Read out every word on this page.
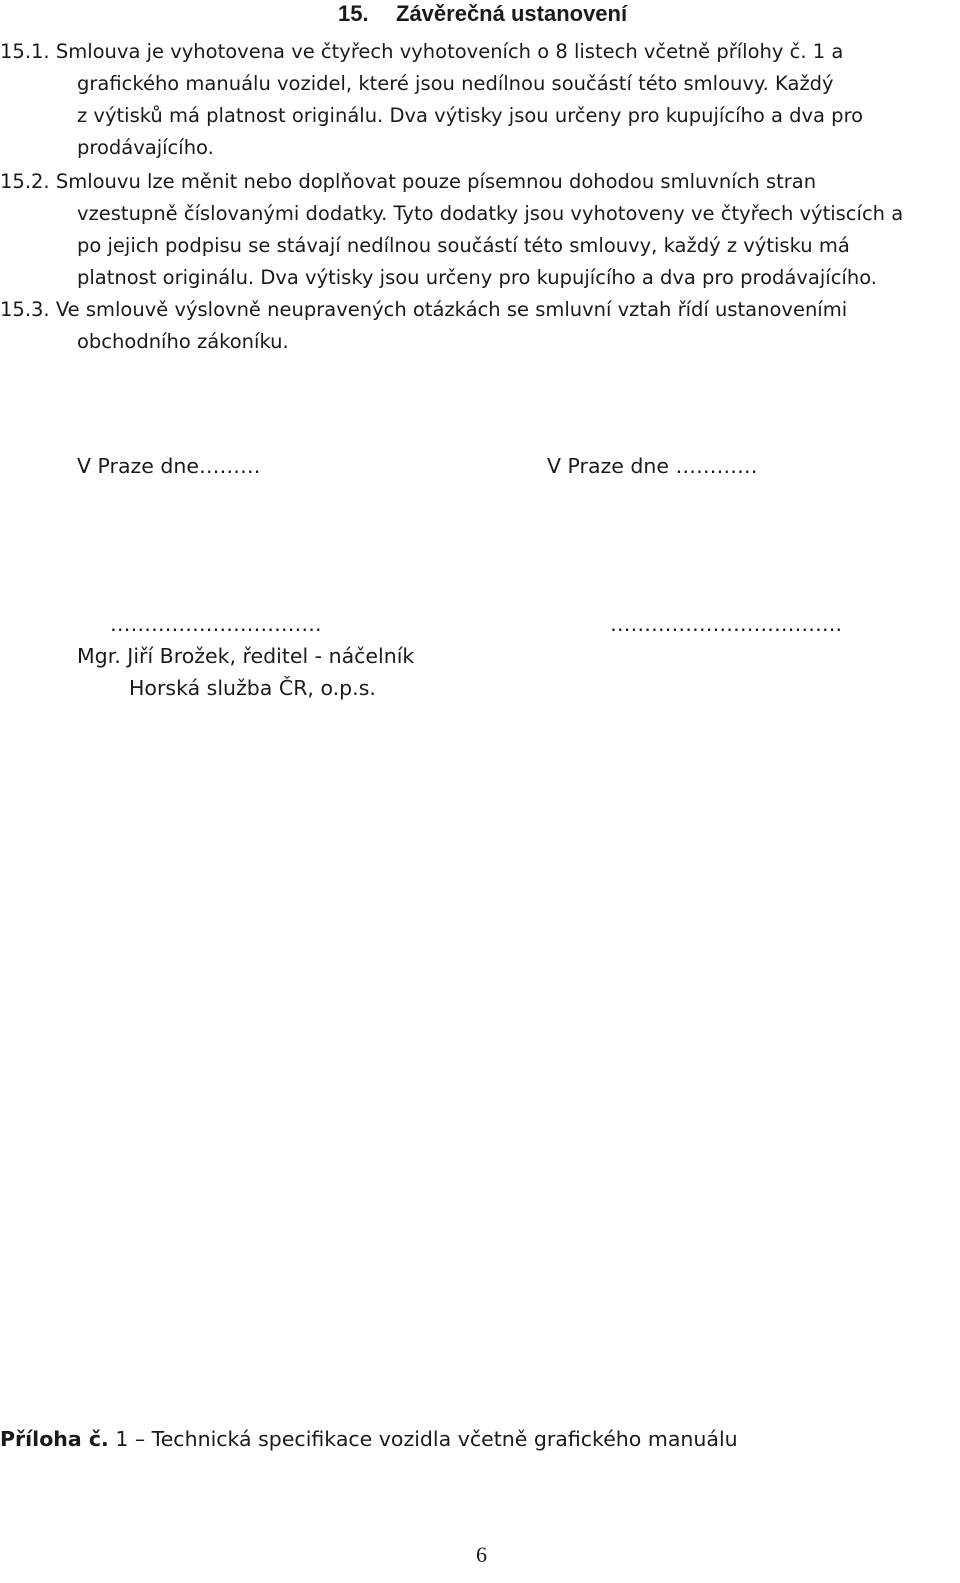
15. Závěrečná ustanovení
15.1. Smlouva je vyhotovena ve čtyřech vyhotoveních o 8 listech včetně přílohy č. 1 a
grafického manuálu vozidel, které jsou nedílnou součástí této smlouvy. Každý
z výtisků má platnost originálu. Dva výtisky jsou určeny pro kupujícího a dva pro
prodávajícího.
15.2. Smlouvu lze měnit nebo doplňovat pouze písemnou dohodou smluvních stran
vzestupně číslovanými dodatky. Tyto dodatky jsou vyhotoveny ve čtyřech výtiscích a
po jejich podpisu se stávají nedílnou součástí této smlouvy, každý z výtisku má
platnost originálu. Dva výtisky jsou určeny pro kupujícího a dva pro prodávajícího.
15.3. Ve smlouvě výslovně neupravených otázkách se smluvní vztah řídí ustanoveními
obchodního zákoníku.
V Praze dne………	V Praze dne …………
………………………….	…………………………….
Mgr. Jiří Brožek, ředitel - náčelník
Horská služba ČR, o.p.s.
Příloha č. 1 – Technická specifikace vozidla včetně grafického manuálu
6
